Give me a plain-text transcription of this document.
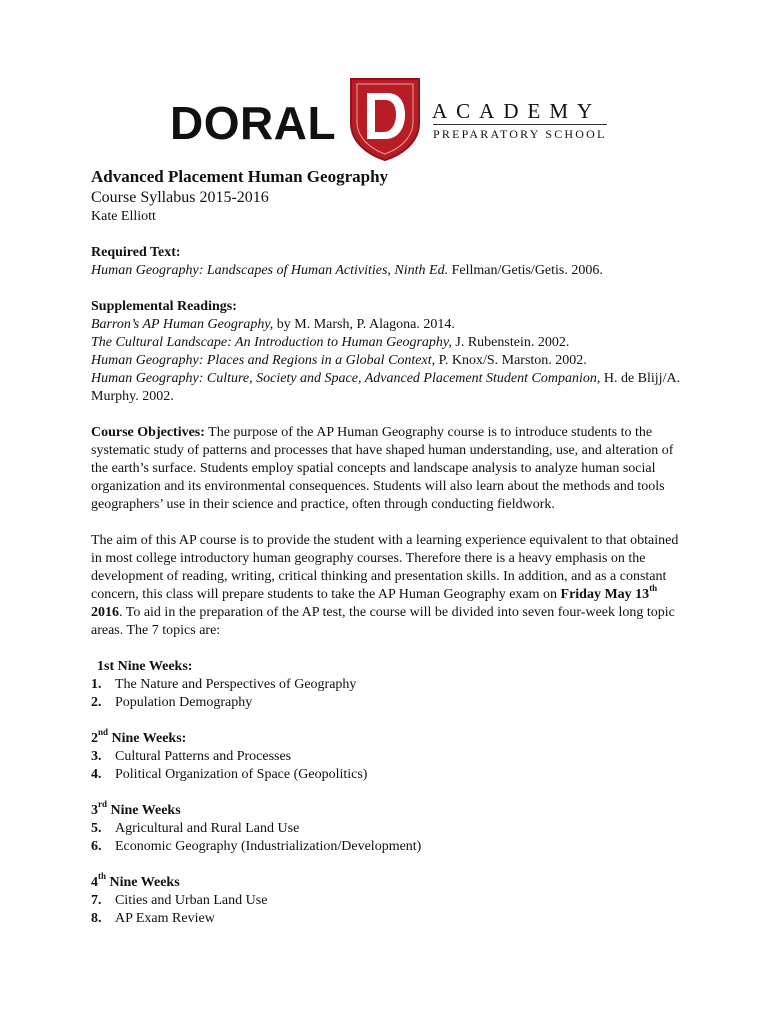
DORAL	ACADEMY
PREPARATORY SCHOOL
Advanced Placement Human Geography
Course Syllabus 2015-2016
Kate Elliott
Required Text:

Human Geography: Landscapes of Human Activities, Ninth Ed. Fellman/Getis/Getis. 2006.

Supplemental Readings:

Barron’s AP Human Geography, by M. Marsh, P. Alagona. 2014.

The Cultural Landscape: An Introduction to Human Geography, J. Rubenstein. 2002.

Human Geography: Places and Regions in a Global Context, P. Knox/S. Marston. 2002.

Human Geography: Culture, Society and Space, Advanced Placement Student Companion, H. de Blijj/A. Murphy. 2002.

Course Objectives: The purpose of the AP Human Geography course is to introduce students to the systematic study of patterns and processes that have shaped human understanding, use, and alteration of the earth’s surface. Students employ spatial concepts and landscape analysis to analyze human social organization and its environmental consequences. Students will also learn about the methods and tools geographers’ use in their science and practice, often through conducting fieldwork.

The aim of this AP course is to provide the student with a learning experience equivalent to that obtained in most college introductory human geography courses. Therefore there is a heavy emphasis on the development of reading, writing, critical thinking and presentation skills. In addition, and as a constant concern, this class will prepare students to take the AP Human Geography exam on Friday May 13th 2016. To aid in the preparation of the AP test, the course will be divided into seven four-week long topic areas. The 7 topics are:

1st Nine Weeks:
1. The Nature and Perspectives of Geography
2. Population Demography
2nd Nine Weeks:
3. Cultural Patterns and Processes
4. Political Organization of Space (Geopolitics)
3rd Nine Weeks
5. Agricultural and Rural Land Use
6. Economic Geography (Industrialization/Development)
4th Nine Weeks
7. Cities and Urban Land Use
8. AP Exam Review
